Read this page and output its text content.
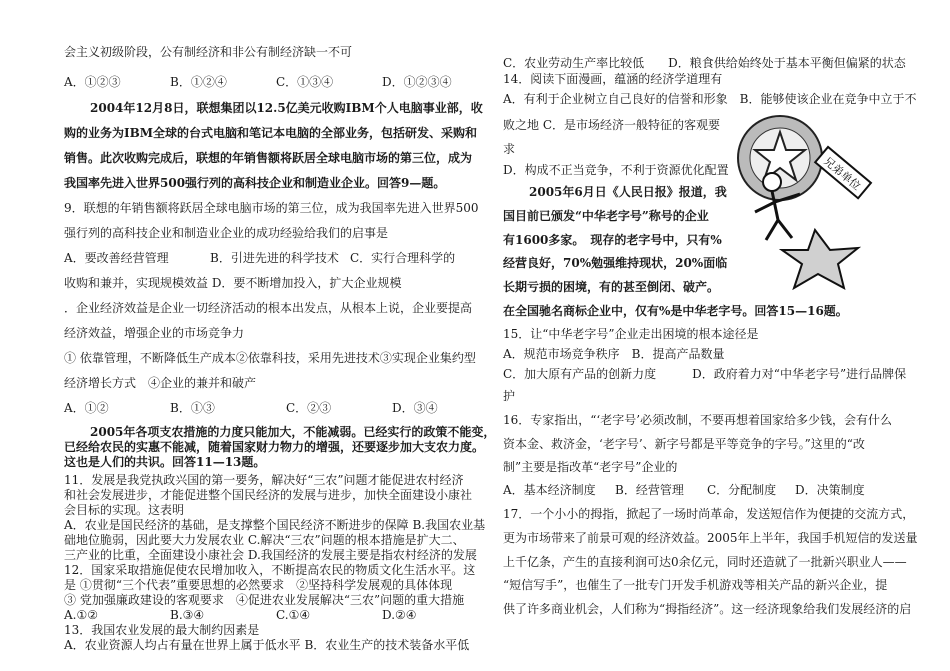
会主义初级阶段，公有制经济和非公有制经济缺一不可
A．①②③	B．①②④	C．①③④	D．①②③④
2004年12月8日，联想集团以12.5亿美元收购IBM个人电脑事业部，收
购的业务为IBM全球的台式电脑和笔记本电脑的全部业务，包括研发、采购和
销售。此次收购完成后，联想的年销售额将跃居全球电脑市场的第三位，成为
我国率先进入世界500强行列的高科技企业和制造业企业。回答9—题。
9．联想的年销售额将跃居全球电脑市场的第三位，成为我国率先进入世界500
强行列的高科技企业和制造业企业的成功经验给我们的启事是
A．要改善经营管理	B．引进先进的科学技术 C．实行合理科学的
收购和兼并，实现规模效益 D．要不断增加投入，扩大企业规模
．企业经济效益是企业一切经济活动的根本出发点，从根本上说，企业要提高
经济效益，增强企业的市场竞争力
① 依靠管理，不断降低生产成本②依靠科技，采用先进技术③实现企业集约型
经济增长方式　④企业的兼并和破产
A．①②	B．①③	C．②③	D．③④
2005年各项支农措施的力度只能加大，不能减弱。已经实行的政策不能变，
已经给农民的实惠不能减，随着国家财力物力的增强，还要逐步加大支农力度。
这也是人们的共识。回答11—13题。
11．发展是我党执政兴国的第一要务，解决好“三农”问题才能促进农村经济
和社会发展进步，才能促进整个国民经济的发展与进步，加快全面建设小康社
会目标的实现。这表明
A．农业是国民经济的基础，是支撑整个国民经济不断进步的保障 B.我国农业基
础地位脆弱，因此要大力发展农业 C.解决“三农”问题的根本措施是扩大二、
三产业的比重，全面建设小康社会 D.我国经济的发展主要是指农村经济的发展
12．国家采取措施促使农民增加收入，不断提高农民的物质文化生活水平。这
是 ①贯彻“三个代表”重要思想的必然要求　②坚持科学发展观的具体体现
③ 党加强廉政建设的客观要求　④促进农业发展解决“三农”问题的重大措施
A.①②	B.③④	C.①④	D.②④
13．我国农业发展的最大制约因素是
A．农业资源人均占有量在世界上属于低水平 B．农业生产的技术装备水平低
C．农业劳动生产率比较低　　D．粮食供给始终处于基本平衡但偏紧的状态
14．阅读下面漫画，蕴涵的经济学道理有
A．有利于企业树立自己良好的信誉和形象　B．能够使该企业在竞争中立于不
败之地 C．是市场经济一般特征的客观要
求
D．构成不正当竞争，不利于资源优化配置
2005年6月日《人民日报》报道，我
国目前已颁发“中华老字号”称号的企业
有1600多家。　现存的老字号中，只有%
经营良好，70%勉强维持现状，20%面临
长期亏损的困境，有的甚至倒闭、破产。
在全国驰名商标企业中，仅有%是中华老字号。回答15—16题。
15．让“中华老字号”企业走出困境的根本途径是
A．规范市场竞争秩序　B．提高产品数量
C．加大原有产品的创新力度　　　D．政府着力对“中华老字号”进行品牌保
护
16．专家指出，“‘老字号’必须改制，不要再想着国家给多少钱，会有什么
资本金、救济金，‘老字号’、新字号都是平等竞争的字号。”这里的“改
制”主要是指改革“老字号”企业的
A．基本经济制度 B．经营管理 C．分配制度 D．决策制度
17．一个小小的拇指，掀起了一场时尚革命，发送短信作为便捷的交流方式，
更为市场带来了前景可观的经济效益。2005年上半年，我国手机短信的发送量
上千亿条，产生的直接利润可达0余亿元，同时还造就了一批新兴职业人——
“短信写手”，也催生了一批专门开发手机游戏等相关产品的新兴企业，提
供了许多商业机会，人们称为“拇指经济”。这一经济现象给我们发展经济的启
兄弟单位
